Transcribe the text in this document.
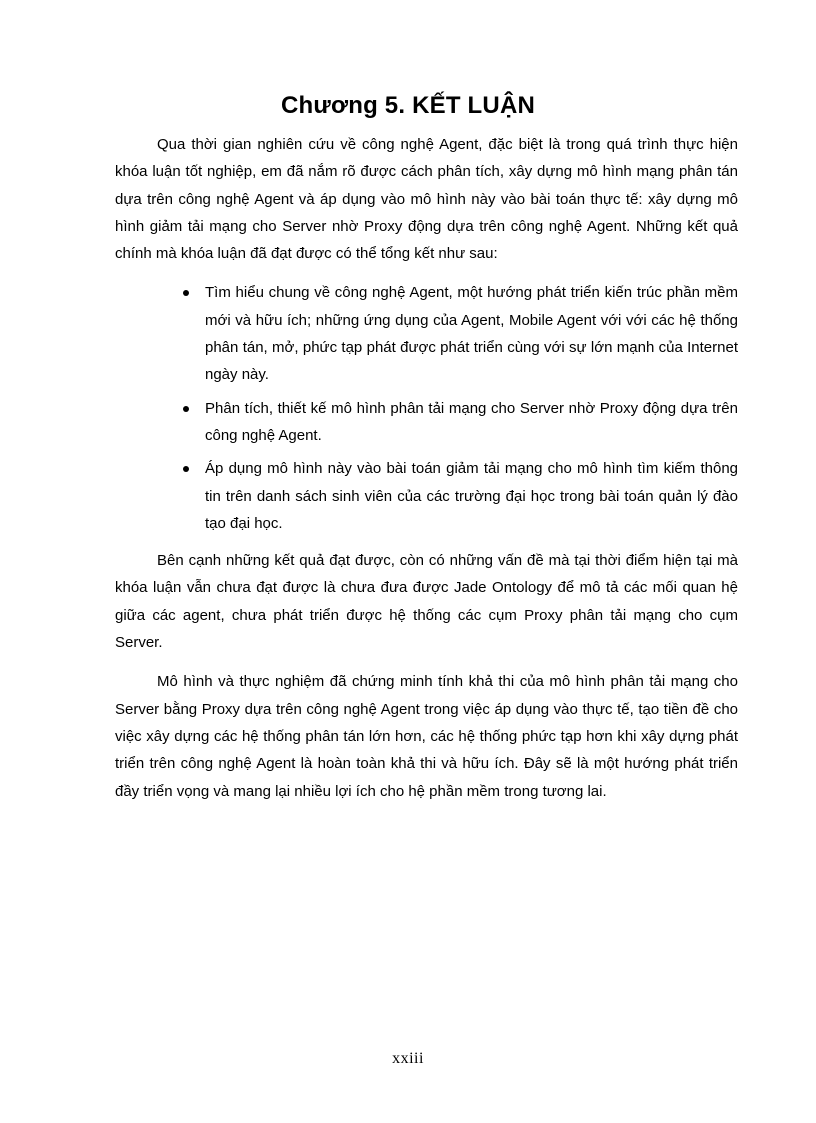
Chương 5. KẾT LUẬN

Qua thời gian nghiên cứu về công nghệ Agent, đặc biệt là trong quá trình thực hiện khóa luận tốt nghiệp, em đã nắm rõ được cách phân tích, xây dựng mô hình mạng phân tán dựa trên công nghệ Agent và áp dụng vào mô hình này vào bài toán thực tế: xây dựng mô hình giảm tải mạng cho Server nhờ Proxy động dựa trên công nghệ Agent. Những kết quả chính mà khóa luận đã đạt được có thể tổng kết như sau:

Tìm hiểu chung về công nghệ Agent, một hướng phát triển kiến trúc phần mềm mới và hữu ích; những ứng dụng của Agent, Mobile Agent với với các hệ thống phân tán, mở, phức tạp phát được phát triển cùng với sự lớn mạnh của Internet ngày này.
Phân tích, thiết kế mô hình phân tải mạng cho Server nhờ Proxy động dựa trên công nghệ Agent.
Áp dụng mô hình này vào bài toán giảm tải mạng cho mô hình tìm kiếm thông tin trên danh sách sinh viên của các trường đại học trong bài toán quản lý đào tạo đại học.

Bên cạnh những kết quả đạt được, còn có những vấn đề mà tại thời điểm hiện tại mà khóa luận vẫn chưa đạt được là chưa đưa được Jade Ontology để mô tả các mối quan hệ giữa các agent, chưa phát triển được hệ thống các cụm Proxy phân tải mạng cho cụm Server.

Mô hình và thực nghiệm đã chứng minh tính khả thi của mô hình phân tải mạng cho Server bằng Proxy dựa trên công nghệ Agent trong việc áp dụng vào thực tế, tạo tiền đề cho việc xây dựng các hệ thống phân tán lớn hơn, các hệ thống phức tạp hơn khi xây dựng phát triển trên công nghệ Agent là hoàn toàn khả thi và hữu ích. Đây sẽ là một hướng phát triển đầy triển vọng và mang lại nhiều lợi ích cho hệ phần mềm trong tương lai.

xxiii
